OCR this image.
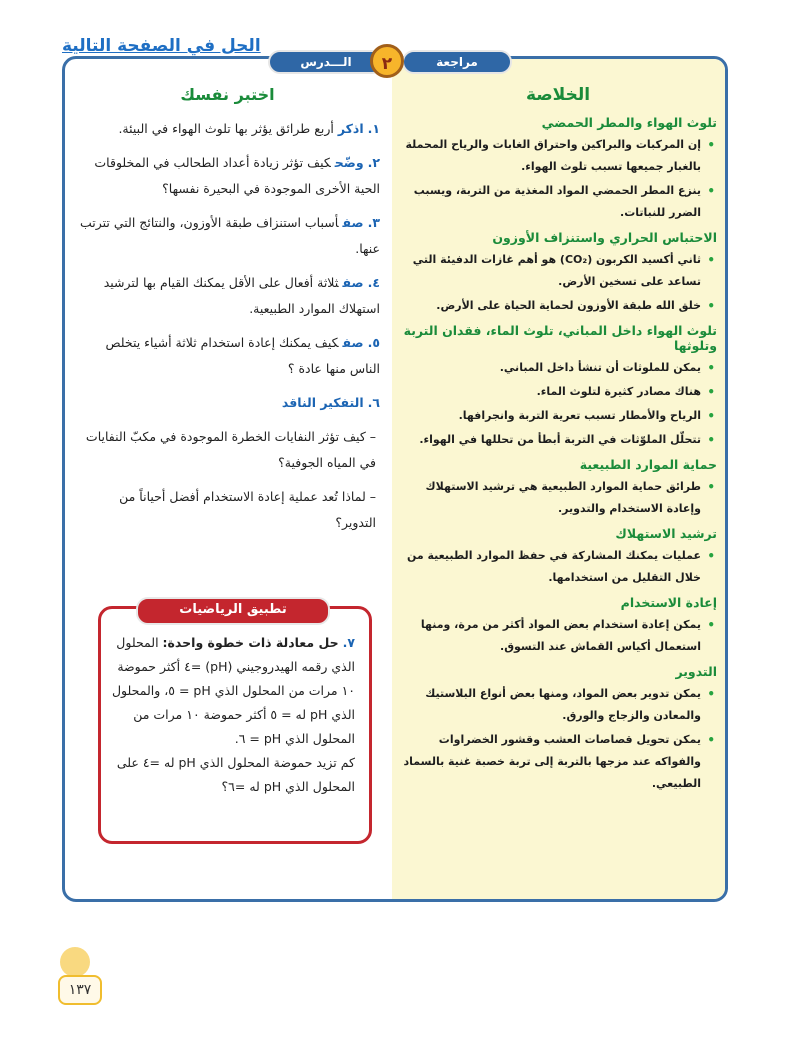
الحل في الصفحة التالية
الخلاصة
تلوث الهواء والمطر الحمضي
•
إن المركبات والبراكين واحتراق الغابات والرياح المحملة بالغبار جميعها تسبب تلوث الهواء.
•
ينزع المطر الحمضي المواد المغذية من التربة، ويسبب الضرر للنباتات.
الاحتباس الحراري واستنزاف الأوزون
•
ثاني أكسيد الكربون (CO₂) هو أهم غازات الدفيئة التي تساعد على تسخين الأرض.
•
خلق الله طبقة الأوزون لحماية الحياة على الأرض.
تلوث الهواء داخل المباني، تلوث الماء، فقدان التربة وتلوثها
•
يمكن للملوثات أن تنشأ داخل المباني.
•
هناك مصادر كثيرة لتلوث الماء.
•
الرياح والأمطار تسبب تعرية التربة وانجرافها.
•
تتحلّل الملوّثات في التربة أبطأ من تحللها في الهواء.
حماية الموارد الطبيعية
•
طرائق حماية الموارد الطبيعية هي ترشيد الاستهلاك وإعادة الاستخدام والتدوير.
ترشيد الاستهلاك
•
عمليات يمكنك المشاركة في حفظ الموارد الطبيعية من خلال التقليل من استخدامها.
إعادة الاستخدام
•
يمكن إعادة استخدام بعض المواد أكثر من مرة، ومنها استعمال أكياس القماش عند التسوق.
التدوير
•
يمكن تدوير بعض المواد، ومنها بعض أنواع البلاستيك والمعادن والزجاج والورق.
•
يمكن تحويل قصاصات العشب وقشور الخضراوات والفواكه عند مزجها بالتربة إلى تربة خصبة غنية بالسماد الطبيعي.
اختبر نفسك
١.اذكرأربع طرائق يؤثر بها تلوث الهواء في البيئة.
٢.وضّحكيف تؤثر زيادة أعداد الطحالب في المخلوقات الحية الأخرى الموجودة في البحيرة نفسها؟
٣.صفأسباب استنزاف طبقة الأوزون، والنتائج التي تترتب عنها.
٤.صفثلاثة أفعال على الأقل يمكنك القيام بها لترشيد استهلاك الموارد الطبيعية.
٥.صفكيف يمكنك إعادة استخدام ثلاثة أشياء يتخلص الناس منها عادة ؟
٦.التفكير الناقد
– كيف تؤثر النفايات الخطرة الموجودة في مكبّ النفايات في المياه الجوفية؟
– لماذا تُعد عملية إعادة الاستخدام أفضل أحياناً من التدوير؟
مراجعة
الـــدرس	٢
٧. حل معادلة ذات خطوة واحدة: المحلول الذي رقمه الهيدروجيني (pH) =٤ أكثر حموضة ١٠ مرات من المحلول الذي pH = ٥، والمحلول الذي pH له = ٥ أكثر حموضة ١٠ مرات من المحلول الذي pH = ٦.
كم تزيد حموضة المحلول الذي pH له =٤ على المحلول الذي pH له =٦؟
تطبيق الرياضيات
١٣٧
